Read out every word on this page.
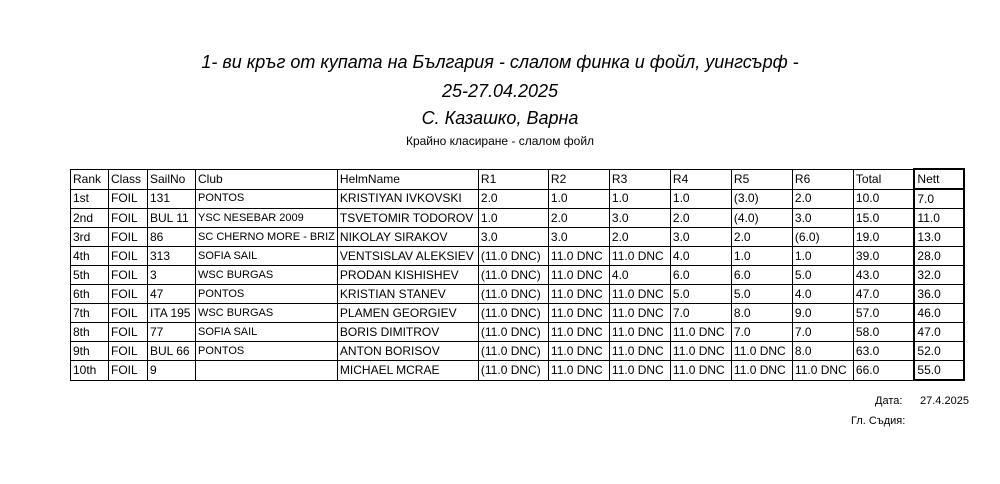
1- ви кръг от купата на България - слалом финка и фойл, уингсърф -
25-27.04.2025
С. Казашко, Варна
Крайно класиране - слалом фойл
Rank	Class	SailNo	Club	HelmName	R1	R2	R3	R4	R5	R6	Total	Nett
1st	FOIL	131	PONTOS	KRISTIYAN IVKOVSKI	2.0	1.0	1.0	1.0	(3.0)	2.0	10.0	7.0
2nd	FOIL	BUL 11	YSC NESEBAR 2009	TSVETOMIR TODOROV	1.0	2.0	3.0	2.0	(4.0)	3.0	15.0	11.0
3rd	FOIL	86	SC CHERNO MORE - BRIZ	NIKOLAY SIRAKOV	3.0	3.0	2.0	3.0	2.0	(6.0)	19.0	13.0
4th	FOIL	313	SOFIA SAIL	VENTSISLAV ALEKSIEV	(11.0 DNC)	11.0 DNC	11.0 DNC	4.0	1.0	1.0	39.0	28.0
5th	FOIL	3	WSC BURGAS	PRODAN KISHISHEV	(11.0 DNC)	11.0 DNC	4.0	6.0	6.0	5.0	43.0	32.0
6th	FOIL	47	PONTOS	KRISTIAN STANEV	(11.0 DNC)	11.0 DNC	11.0 DNC	5.0	5.0	4.0	47.0	36.0
7th	FOIL	ITA 195	WSC BURGAS	PLAMEN GEORGIEV	(11.0 DNC)	11.0 DNC	11.0 DNC	7.0	8.0	9.0	57.0	46.0
8th	FOIL	77	SOFIA SAIL	BORIS DIMITROV	(11.0 DNC)	11.0 DNC	11.0 DNC	11.0 DNC	7.0	7.0	58.0	47.0
9th	FOIL	BUL 66	PONTOS	ANTON BORISOV	(11.0 DNC)	11.0 DNC	11.0 DNC	11.0 DNC	11.0 DNC	8.0	63.0	52.0
10th	FOIL	9		MICHAEL MCRAE	(11.0 DNC)	11.0 DNC	11.0 DNC	11.0 DNC	11.0 DNC	11.0 DNC	66.0	55.0
Дата: 27.4.2025
Гл. Съдия:
